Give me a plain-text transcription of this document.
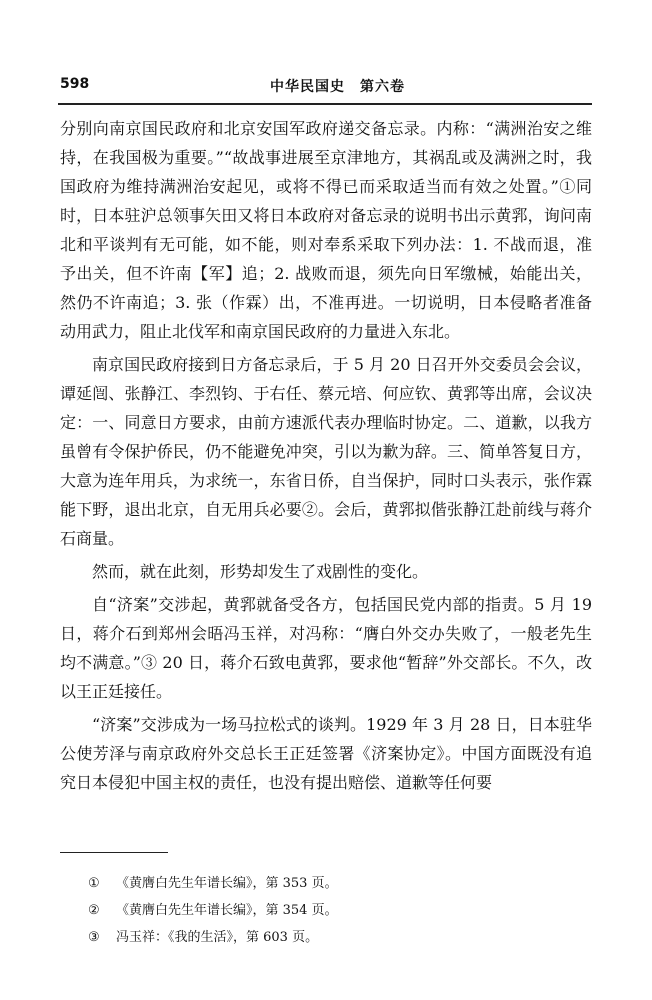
598	中华民国史　第六卷

分别向南京国民政府和北京安国军政府递交备忘录。内称：“满洲治安之维持，在我国极为重要。”“故战事进展至京津地方，其祸乱或及满洲之时，我国政府为维持满洲治安起见，或将不得已而采取适当而有效之处置。”①同时，日本驻沪总领事矢田又将日本政府对备忘录的说明书出示黄郛，询问南北和平谈判有无可能，如不能，则对奉系采取下列办法：1. 不战而退，准予出关，但不许南【军】追；2. 战败而退，须先向日军缴械，始能出关，然仍不许南追；3. 张（作霖）出，不准再进。一切说明，日本侵略者准备动用武力，阻止北伐军和南京国民政府的力量进入东北。

南京国民政府接到日方备忘录后，于 5 月 20 日召开外交委员会会议，谭延闿、张静江、李烈钧、于右任、蔡元培、何应钦、黄郛等出席，会议决定：一、同意日方要求，由前方速派代表办理临时协定。二、道歉，以我方虽曾有令保护侨民，仍不能避免冲突，引以为歉为辞。三、简单答复日方，大意为连年用兵，为求统一，东省日侨，自当保护，同时口头表示，张作霖能下野，退出北京，自无用兵必要②。会后，黄郛拟偕张静江赴前线与蒋介石商量。

然而，就在此刻，形势却发生了戏剧性的变化。

自“济案”交涉起，黄郛就备受各方，包括国民党内部的指责。5 月 19 日，蒋介石到郑州会晤冯玉祥，对冯称：“膺白外交办失败了，一般老先生均不满意。”③ 20 日，蒋介石致电黄郛，要求他“暂辞”外交部长。不久，改以王正廷接任。

“济案”交涉成为一场马拉松式的谈判。1929 年 3 月 28 日，日本驻华公使芳泽与南京政府外交总长王正廷签署《济案协定》。中国方面既没有追究日本侵犯中国主权的责任，也没有提出赔偿、道歉等任何要

① 《黄膺白先生年谱长编》，第 353 页。
② 《黄膺白先生年谱长编》，第 354 页。
③ 冯玉祥：《我的生活》，第 603 页。
